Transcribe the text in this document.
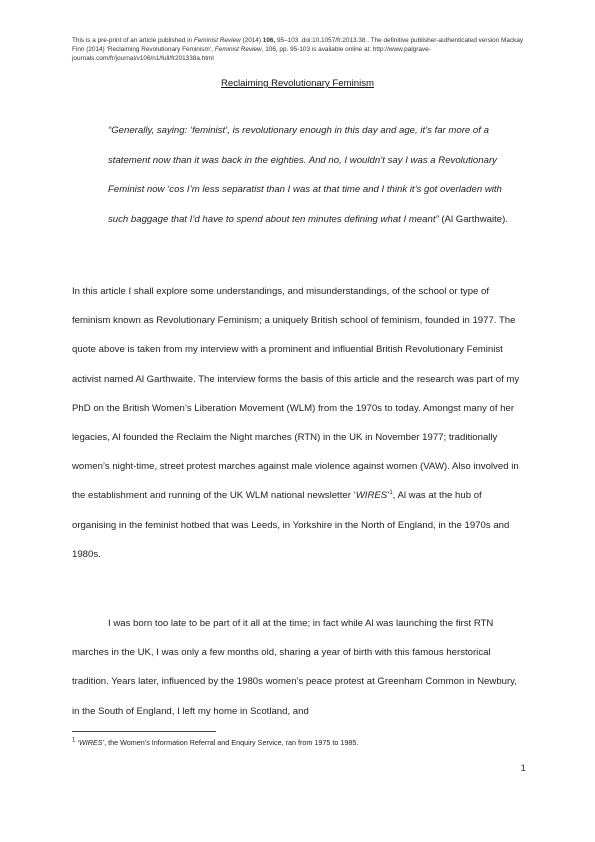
This is a pre-print of an article published in Feminist Review (2014) 106, 95–103 .doi:10.1057/fr.2013.38 . The definitive publisher-authenticated version Mackay Finn (2014) ‘Reclaiming Revolutionary Feminism’, Feminist Review, 106, pp. 95-103 is available online at: http://www.palgrave-journals.com/fr/journal/v106/n1/full/fr201338a.html
Reclaiming Revolutionary Feminism
“Generally, saying: ‘feminist’, is revolutionary enough in this day and age, it’s far more of a statement now than it was back in the eighties. And no, I wouldn’t say I was a Revolutionary Feminist now ‘cos I’m less separatist than I was at that time and I think it’s got overladen with such baggage that I’d have to spend about ten minutes defining what I meant” (Al Garthwaite).
In this article I shall explore some understandings, and misunderstandings, of the school or type of feminism known as Revolutionary Feminism; a uniquely British school of feminism, founded in 1977. The quote above is taken from my interview with a prominent and influential British Revolutionary Feminist activist named Al Garthwaite. The interview forms the basis of this article and the research was part of my PhD on the British Women’s Liberation Movement (WLM) from the 1970s to today. Amongst many of her legacies, Al founded the Reclaim the Night marches (RTN) in the UK in November 1977; traditionally women’s night-time, street protest marches against male violence against women (VAW). Also involved in the establishment and running of the UK WLM national newsletter ‘WIRES’$^1$, Al was at the hub of organising in the feminist hotbed that was Leeds, in Yorkshire in the North of England, in the 1970s and 1980s.
I was born too late to be part of it all at the time; in fact while Al was launching the first RTN marches in the UK, I was only a few months old, sharing a year of birth with this famous herstorical tradition. Years later, influenced by the 1980s women’s peace protest at Greenham Common in Newbury, in the South of England, I left my home in Scotland, and
$^1$ ‘WIRES’, the Women’s Information Referral and Enquiry Service, ran from 1975 to 1985.
1
